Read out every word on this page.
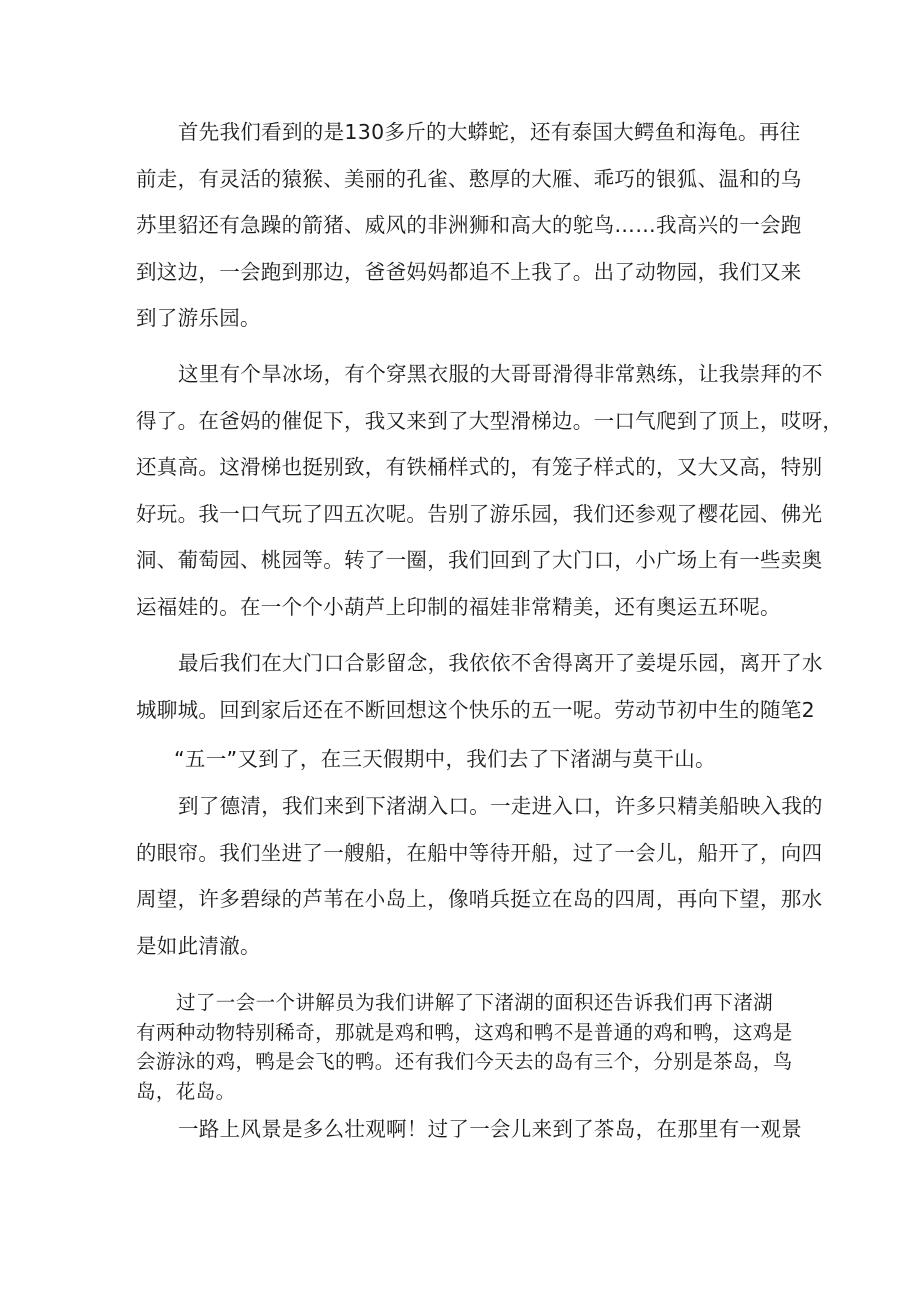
首先我们看到的是130多斤的大蟒蛇，还有泰国大鳄鱼和海龟。再往
前走，有灵活的猿猴、美丽的孔雀、憨厚的大雁、乖巧的银狐、温和的乌
苏里貂还有急躁的箭猪、威风的非洲狮和高大的鸵鸟……我高兴的一会跑
到这边，一会跑到那边，爸爸妈妈都追不上我了。出了动物园，我们又来
到了游乐园。

这里有个旱冰场，有个穿黑衣服的大哥哥滑得非常熟练，让我崇拜的不
得了。在爸妈的催促下，我又来到了大型滑梯边。一口气爬到了顶上，哎呀，
还真高。这滑梯也挺别致，有铁桶样式的，有笼子样式的，又大又高，特别
好玩。我一口气玩了四五次呢。告别了游乐园，我们还参观了樱花园、佛光
洞、葡萄园、桃园等。转了一圈，我们回到了大门口，小广场上有一些卖奥
运福娃的。在一个个小葫芦上印制的福娃非常精美，还有奥运五环呢。

最后我们在大门口合影留念，我依依不舍得离开了姜堤乐园，离开了水
城聊城。回到家后还在不断回想这个快乐的五一呢。劳动节初中生的随笔2

“五一”又到了，在三天假期中，我们去了下渚湖与莫干山。

到了德清，我们来到下渚湖入口。一走进入口，许多只精美船映入我的
的眼帘。我们坐进了一艘船，在船中等待开船，过了一会儿，船开了，向四
周望，许多碧绿的芦苇在小岛上，像哨兵挺立在岛的四周，再向下望，那水
是如此清澈。

过了一会一个讲解员为我们讲解了下渚湖的面积还告诉我们再下渚湖
有两种动物特别稀奇，那就是鸡和鸭，这鸡和鸭不是普通的鸡和鸭，这鸡是
会游泳的鸡，鸭是会飞的鸭。还有我们今天去的岛有三个，分别是茶岛，鸟
岛，花岛。

一路上风景是多么壮观啊！过了一会儿来到了茶岛，在那里有一观景
